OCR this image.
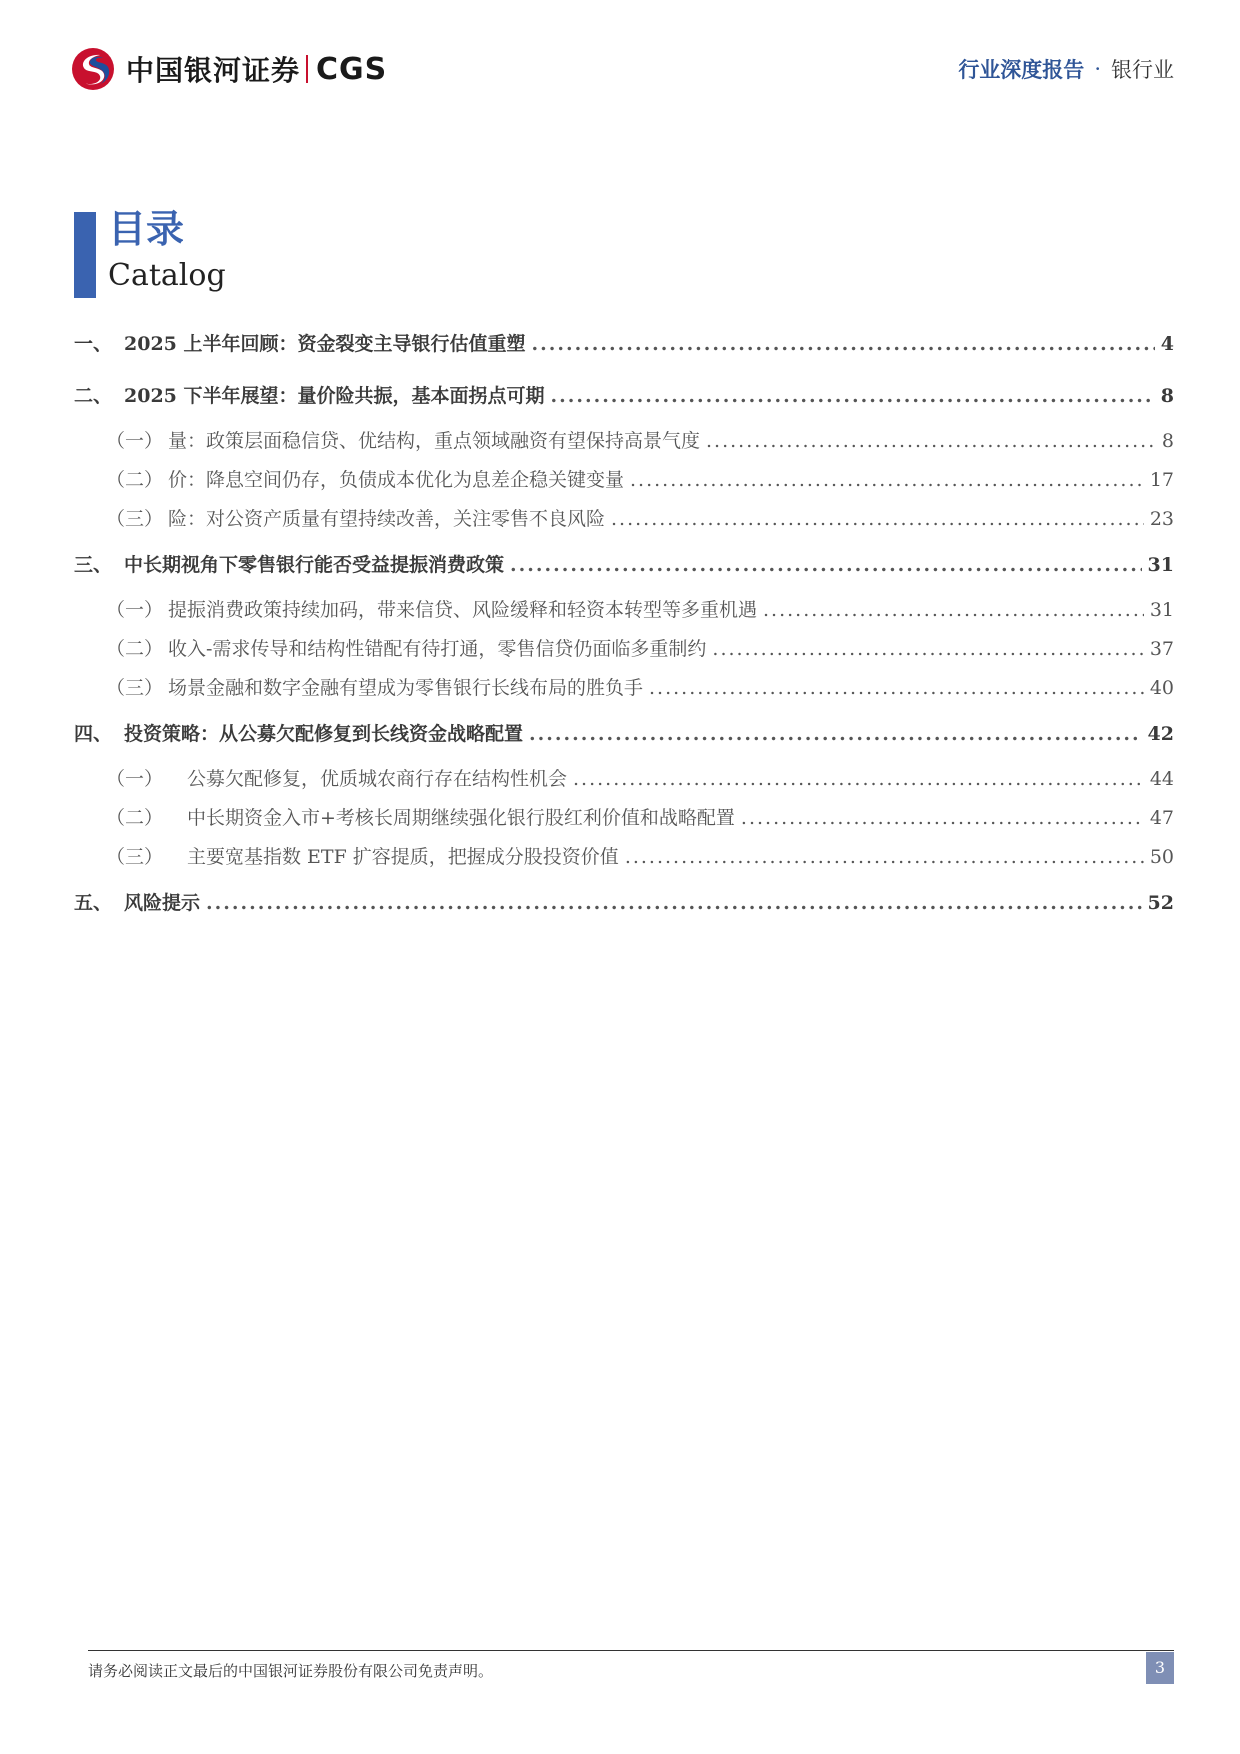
中国银河证券 CGS	行业深度报告 · 银行业
目录
Catalog
一、 2025 上半年回顾：资金裂变主导银行估值重塑 .....	4
二、 2025 下半年展望：量价险共振，基本面拐点可期 .....	8
（一） 量：政策层面稳信贷、优结构，重点领域融资有望保持高景气度 .....	8
（二） 价：降息空间仍存，负债成本优化为息差企稳关键变量 .....	17
（三） 险：对公资产质量有望持续改善，关注零售不良风险 .....	23
三、 中长期视角下零售银行能否受益提振消费政策 .....	31
（一） 提振消费政策持续加码，带来信贷、风险缓释和轻资本转型等多重机遇 .....	31
（二） 收入-需求传导和结构性错配有待打通，零售信贷仍面临多重制约 .....	37
（三） 场景金融和数字金融有望成为零售银行长线布局的胜负手 .....	40
四、 投资策略：从公募欠配修复到长线资金战略配置 .....	42
（一） 　公募欠配修复，优质城农商行存在结构性机会 .....	44
（二） 　中长期资金入市+考核长周期继续强化银行股红利价值和战略配置 .....	47
（三） 　主要宽基指数 ETF 扩容提质，把握成分股投资价值 .....	50
五、 风险提示 .....	52
请务必阅读正文最后的中国银河证券股份有限公司免责声明。	3
